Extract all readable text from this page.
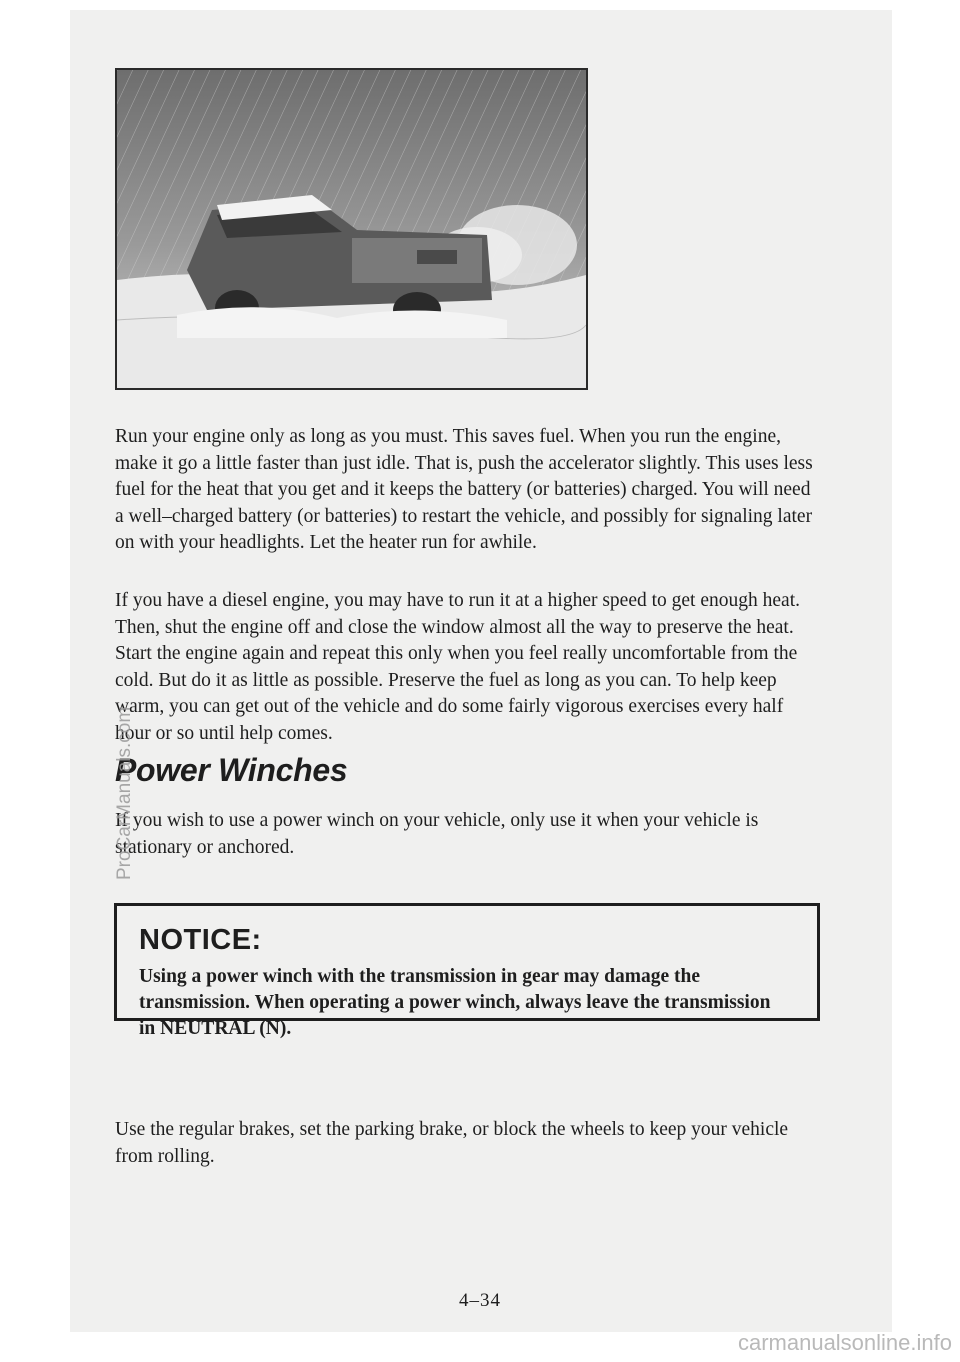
Run your engine only as long as you must. This saves fuel. When you run the engine, make it go a little faster than just idle. That is, push the accelerator slightly. This uses less fuel for the heat that you get and it keeps the battery (or batteries) charged. You will need a well–charged battery (or batteries) to restart the vehicle, and possibly for signaling later on with your headlights. Let the heater run for awhile.

If you have a diesel engine, you may have to run it at a higher speed to get enough heat. Then, shut the engine off and close the window almost all the way to preserve the heat. Start the engine again and repeat this only when you feel really uncomfortable from the cold. But do it as little as possible. Preserve the fuel as long as you can. To help keep warm, you can get out of the vehicle and do some fairly vigorous exercises every half hour or so until help comes.

Power Winches

If you wish to use a power winch on your vehicle, only use it when your vehicle is stationary or anchored.

NOTICE:

Using a power winch with the transmission in gear may damage the transmission. When operating a power winch, always leave the transmission in NEUTRAL (N).

Use the regular brakes, set the parking brake, or block the wheels to keep your vehicle from rolling.

4–34

ProCarManuals.com

carmanualsonline.info
